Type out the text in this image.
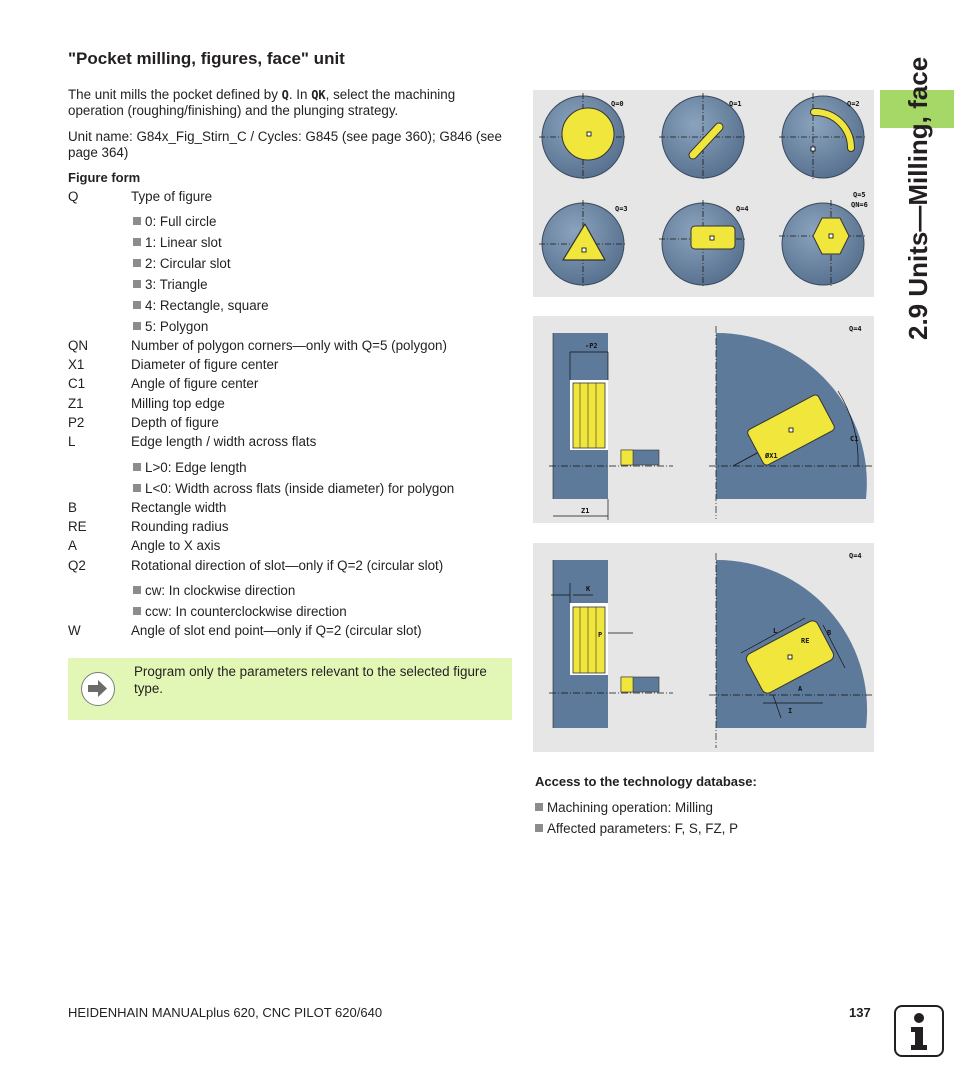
"Pocket milling, figures, face" unit
The unit mills the pocket defined by Q. In QK, select the machining operation (roughing/finishing) and the plunging strategy.
Unit name: G84x_Fig_Stirn_C / Cycles: G845 (see page 360); G846 (see page 364)
Figure form
Q	Type of figure
0: Full circle
1: Linear slot
2: Circular slot
3: Triangle
4: Rectangle, square
5: Polygon
QN	Number of polygon corners—only with Q=5 (polygon)
X1	Diameter of figure center
C1	Angle of figure center
Z1	Milling top edge
P2	Depth of figure
L	Edge length / width across flats
L>0: Edge length
L<0: Width across flats (inside diameter) for polygon
B	Rectangle width
RE	Rounding radius
A	Angle to X axis
Q2	Rotational direction of slot—only if Q=2 (circular slot)
cw: In clockwise direction
ccw: In counterclockwise direction
W	Angle of slot end point—only if Q=2 (circular slot)
Program only the parameters relevant to the selected figure type.
2.9 Units—Milling, face
Q=0	Q=1	Q=2
Q=3	Q=4
Q=5
QN=6
-P2
Z1
ØX1
C1
Q=4
K
P	L	B
RE
A
I
Q=4
Access to the technology database:
Machining operation: Milling
Affected parameters: F, S, FZ, P
HEIDENHAIN MANUALplus 620, CNC PILOT 620/640	137
